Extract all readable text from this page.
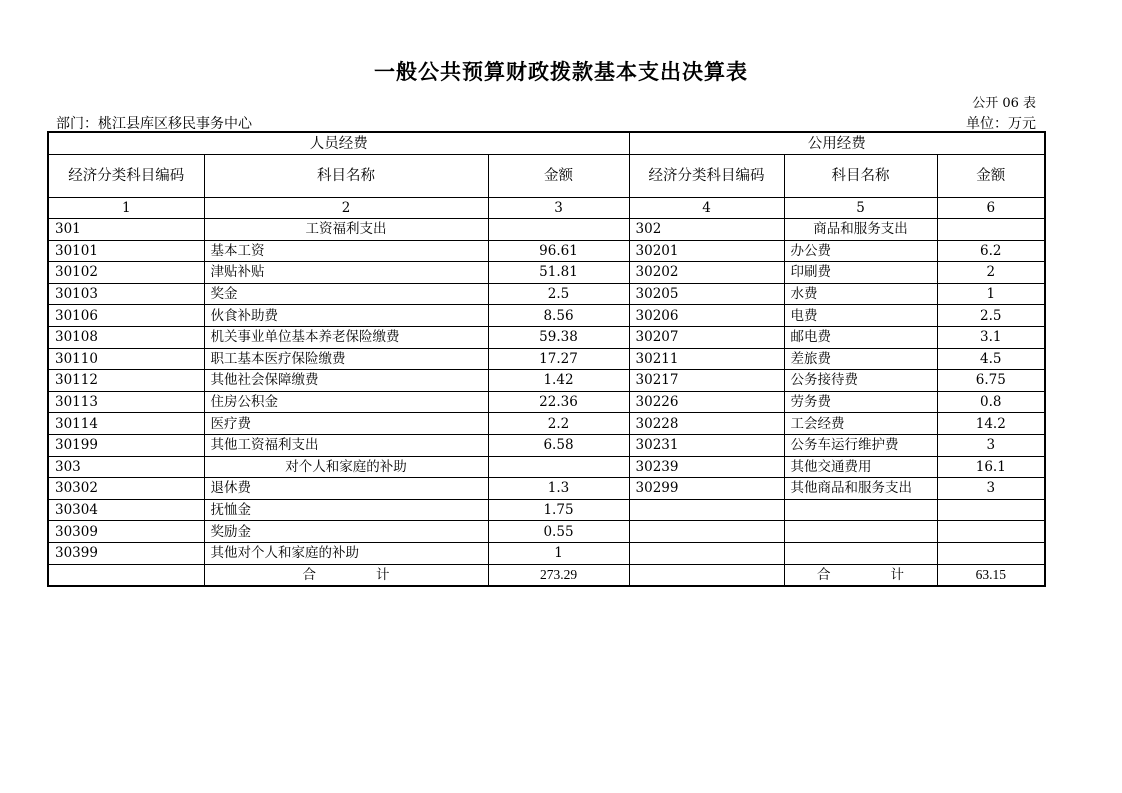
一般公共预算财政拨款基本支出决算表
公开 06 表
部门：桃江县库区移民事务中心	单位：万元
人员经费			公用经费		
经济分类科目编码	科目名称	金额	经济分类科目编码	科目名称	金额
1	2	3	4	5	6
301	工资福利支出		302	商品和服务支出	
30101	基本工资	96.61	30201	办公费	6.2
30102	津贴补贴	51.81	30202	印刷费	2
30103	奖金	2.5	30205	水费	1
30106	伙食补助费	8.56	30206	电费	2.5
30108	机关事业单位基本养老保险缴费	59.38	30207	邮电费	3.1
30110	职工基本医疗保险缴费	17.27	30211	差旅费	4.5
30112	其他社会保障缴费	1.42	30217	公务接待费	6.75
30113	住房公积金	22.36	30226	劳务费	0.8
30114	医疗费	2.2	30228	工会经费	14.2
30199	其他工资福利支出	6.58	30231	公务车运行维护费	3
303	对个人和家庭的补助		30239	其他交通费用	16.1
30302	退休费	1.3	30299	其他商品和服务支出	3
30304	抚恤金	1.75			
30309	奖励金	0.55			
30399	其他对个人和家庭的补助	1			
	合 计	273.29		合 计	63.15
